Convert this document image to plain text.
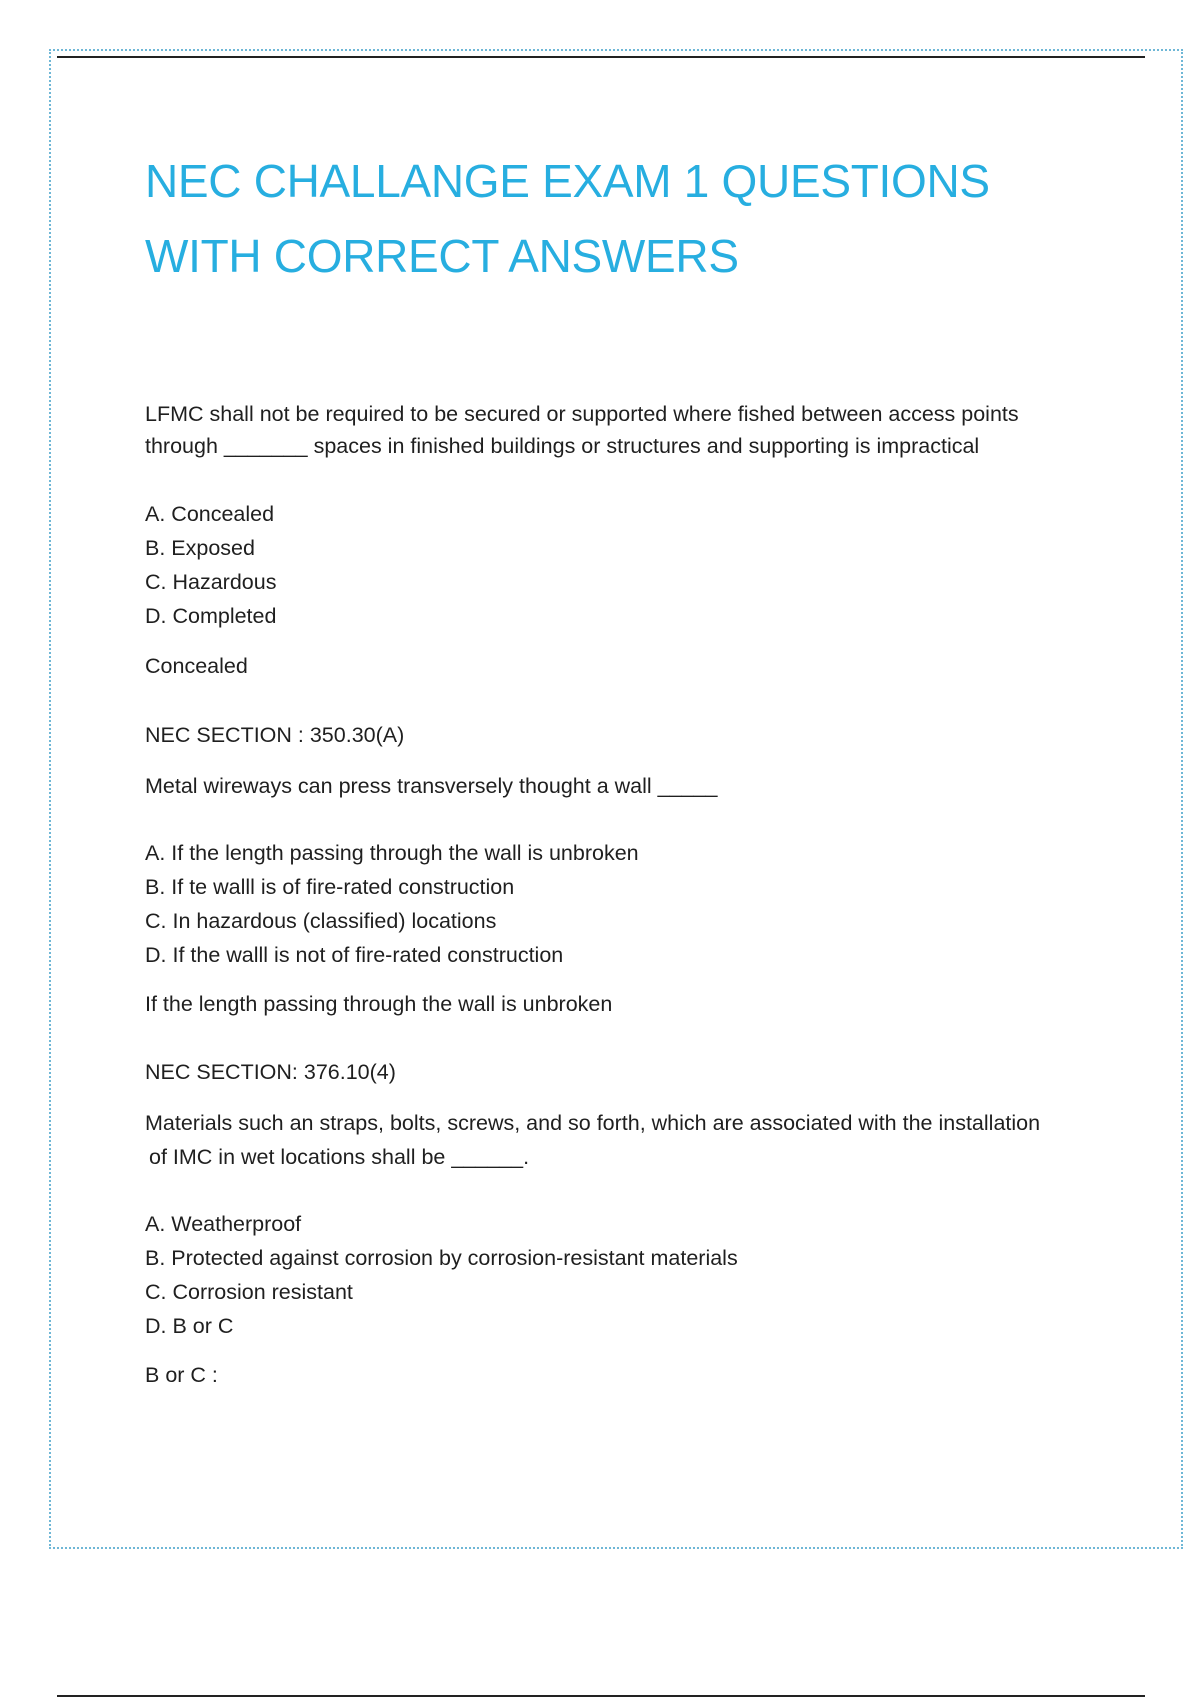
NEC CHALLANGE EXAM 1 QUESTIONS WITH CORRECT ANSWERS

LFMC shall not be required to be secured or supported where fished between access points

through _______ spaces in finished buildings or structures and supporting is impractical

A. Concealed
B. Exposed
C. Hazardous
D. Completed

Concealed

NEC SECTION : 350.30(A)

Metal wireways can press transversely thought a wall _____

A. If the length passing through the wall is unbroken
B. If te walll is of fire-rated construction
C. In hazardous (classified) locations
D. If the walll is not of fire-rated construction

If the length passing through the wall is unbroken

NEC SECTION: 376.10(4)

Materials such an straps, bolts, screws, and so forth, which are associated with the installation

of IMC in wet locations shall be ______.

A. Weatherproof
B. Protected against corrosion by corrosion-resistant materials
C. Corrosion resistant
D. B or C

B or C :
